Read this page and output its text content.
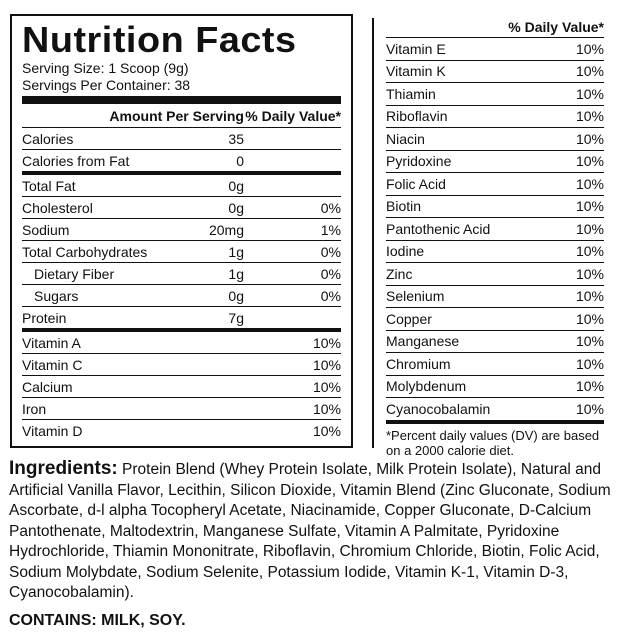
Nutrition Facts
Serving Size: 1 Scoop (9g)
Servings Per Container: 38
Amount Per Serving % Daily Value*
Calories	35
Calories from Fat	0
Total Fat	0g
Cholesterol	0g	0%
Sodium	20mg	1%
Total Carbohydrates	1g	0%
Dietary Fiber	1g	0%
Sugars	0g	0%
Protein	7g
Vitamin A	10%
Vitamin C	10%
Calcium	10%
Iron	10%
Vitamin D	10%
% Daily Value*
Vitamin E	10%
Vitamin K	10%
Thiamin	10%
Riboflavin	10%
Niacin	10%
Pyridoxine	10%
Folic Acid	10%
Biotin	10%
Pantothenic Acid	10%
Iodine	10%
Zinc	10%
Selenium	10%
Copper	10%
Manganese	10%
Chromium	10%
Molybdenum	10%
Cyanocobalamin	10%
*Percent daily values (DV) are based on a 2000 calorie diet.
Ingredients: Protein Blend (Whey Protein Isolate, Milk Protein Isolate), Natural and Artificial Vanilla Flavor, Lecithin, Silicon Dioxide, Vitamin Blend (Zinc Gluconate, Sodium Ascorbate, d-l alpha Tocopheryl Acetate, Niacinamide, Copper Gluconate, D-Calcium Pantothenate, Maltodextrin, Manganese Sulfate, Vitamin A Palmitate, Pyridoxine Hydrochloride, Thiamin Mononitrate, Riboflavin, Chromium Chloride, Biotin, Folic Acid, Sodium Molybdate, Sodium Selenite, Potassium Iodide, Vitamin K-1, Vitamin D-3, Cyanocobalamin).
CONTAINS: MILK, SOY.
